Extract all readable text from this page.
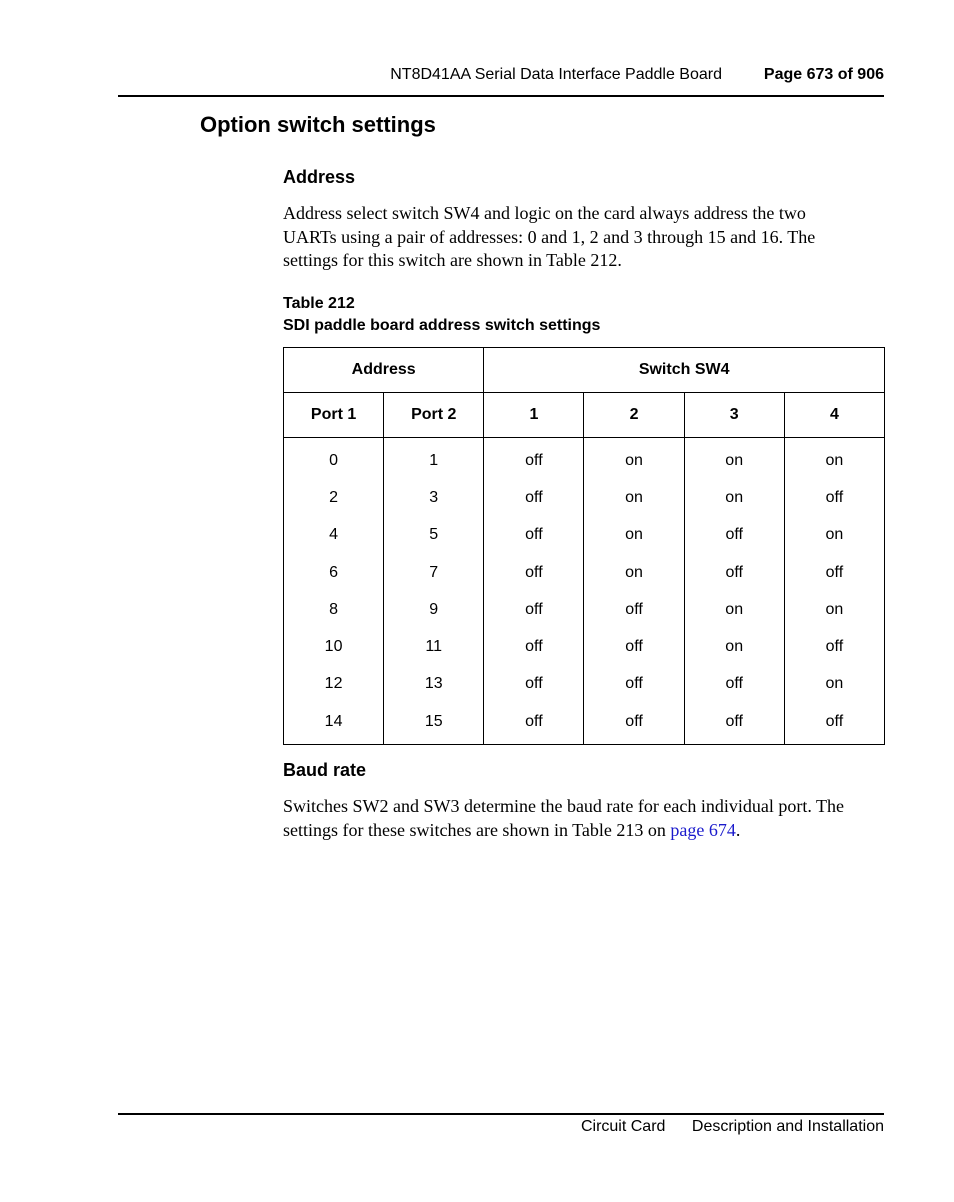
NT8D41AA Serial Data Interface Paddle Board	Page 673 of 906
Option switch settings
Address
Address select switch SW4 and logic on the card always address the two
UARTs using a pair of addresses: 0 and 1, 2 and 3 through 15 and 16. The
settings for this switch are shown in Table 212.
Table 212
SDI paddle board address switch settings
Address		Switch SW4			
Port 1	Port 2	1	2	3	4
0	1	off	on	on	on
2	3	off	on	on	off
4	5	off	on	off	on
6	7	off	on	off	off
8	9	off	off	on	on
10	11	off	off	on	off
12	13	off	off	off	on
14	15	off	off	off	off
Baud rate
Switches SW2 and SW3 determine the baud rate for each individual port. The
settings for these switches are shown in Table 213 on page 674.
Circuit Card Description and Installation
